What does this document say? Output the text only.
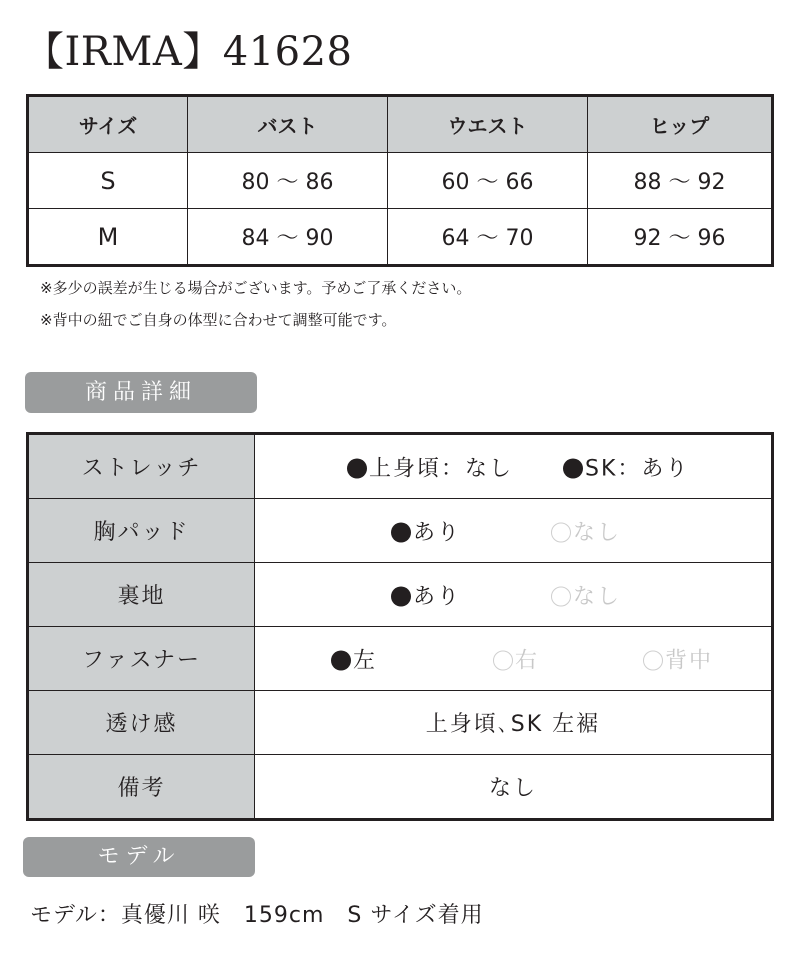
【IRMA】41628
サイズ	バスト	ウエスト	ヒップ
S	80 ～ 86	60 ～ 66	88 ～ 92
M	84 ～ 90	64 ～ 70	92 ～ 96
※多少の誤差が生じる場合がございます。予めご了承ください。
※背中の紐でご自身の体型に合わせて調整可能です。
商品詳細
ストレッチ	上身頃：なし SK：あり

胸パッド	あり なし

裏地	あり なし

ファスナー	左 右 背中

透け感	上身頃､SK 左裾

備考	なし
モデル
モデル：真優川 咲　159cm　S サイズ着用
